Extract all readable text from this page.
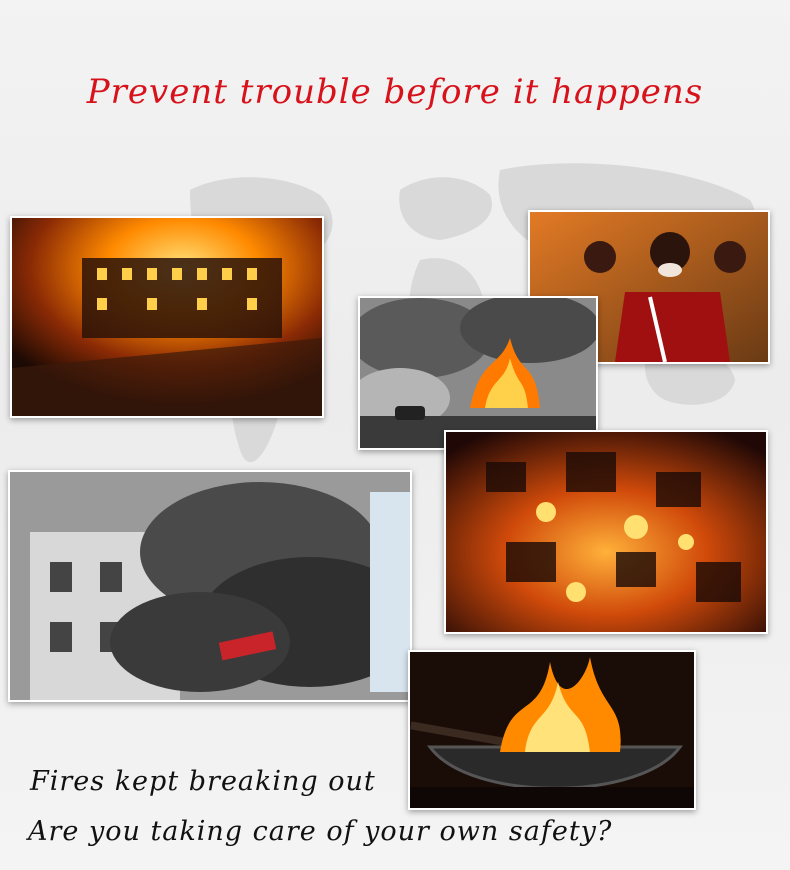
Prevent trouble before it happens
Fires kept breaking out
Are you taking care of your own safety?
